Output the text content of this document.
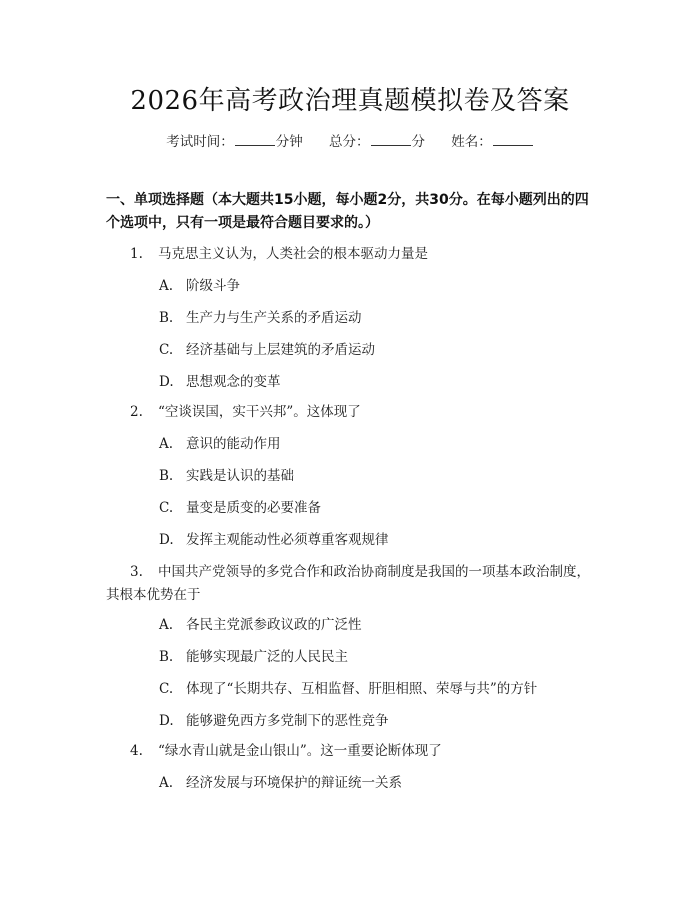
2026年高考政治理真题模拟卷及答案
考试时间：	分钟 总分：	分 姓名：
一、单项选择题（本大题共15小题，每小题2分，共30分。在每小题列出的四个选项中，只有一项是最符合题目要求的。）
1. 马克思主义认为，人类社会的根本驱动力量是
A. 阶级斗争
B. 生产力与生产关系的矛盾运动
C. 经济基础与上层建筑的矛盾运动
D. 思想观念的变革
2. “空谈误国，实干兴邦”。这体现了
A. 意识的能动作用
B. 实践是认识的基础
C. 量变是质变的必要准备
D. 发挥主观能动性必须尊重客观规律
3. 中国共产党领导的多党合作和政治协商制度是我国的一项基本政治制度，其根本优势在于
A. 各民主党派参政议政的广泛性
B. 能够实现最广泛的人民民主
C. 体现了“长期共存、互相监督、肝胆相照、荣辱与共”的方针
D. 能够避免西方多党制下的恶性竞争
4. “绿水青山就是金山银山”。这一重要论断体现了
A. 经济发展与环境保护的辩证统一关系
